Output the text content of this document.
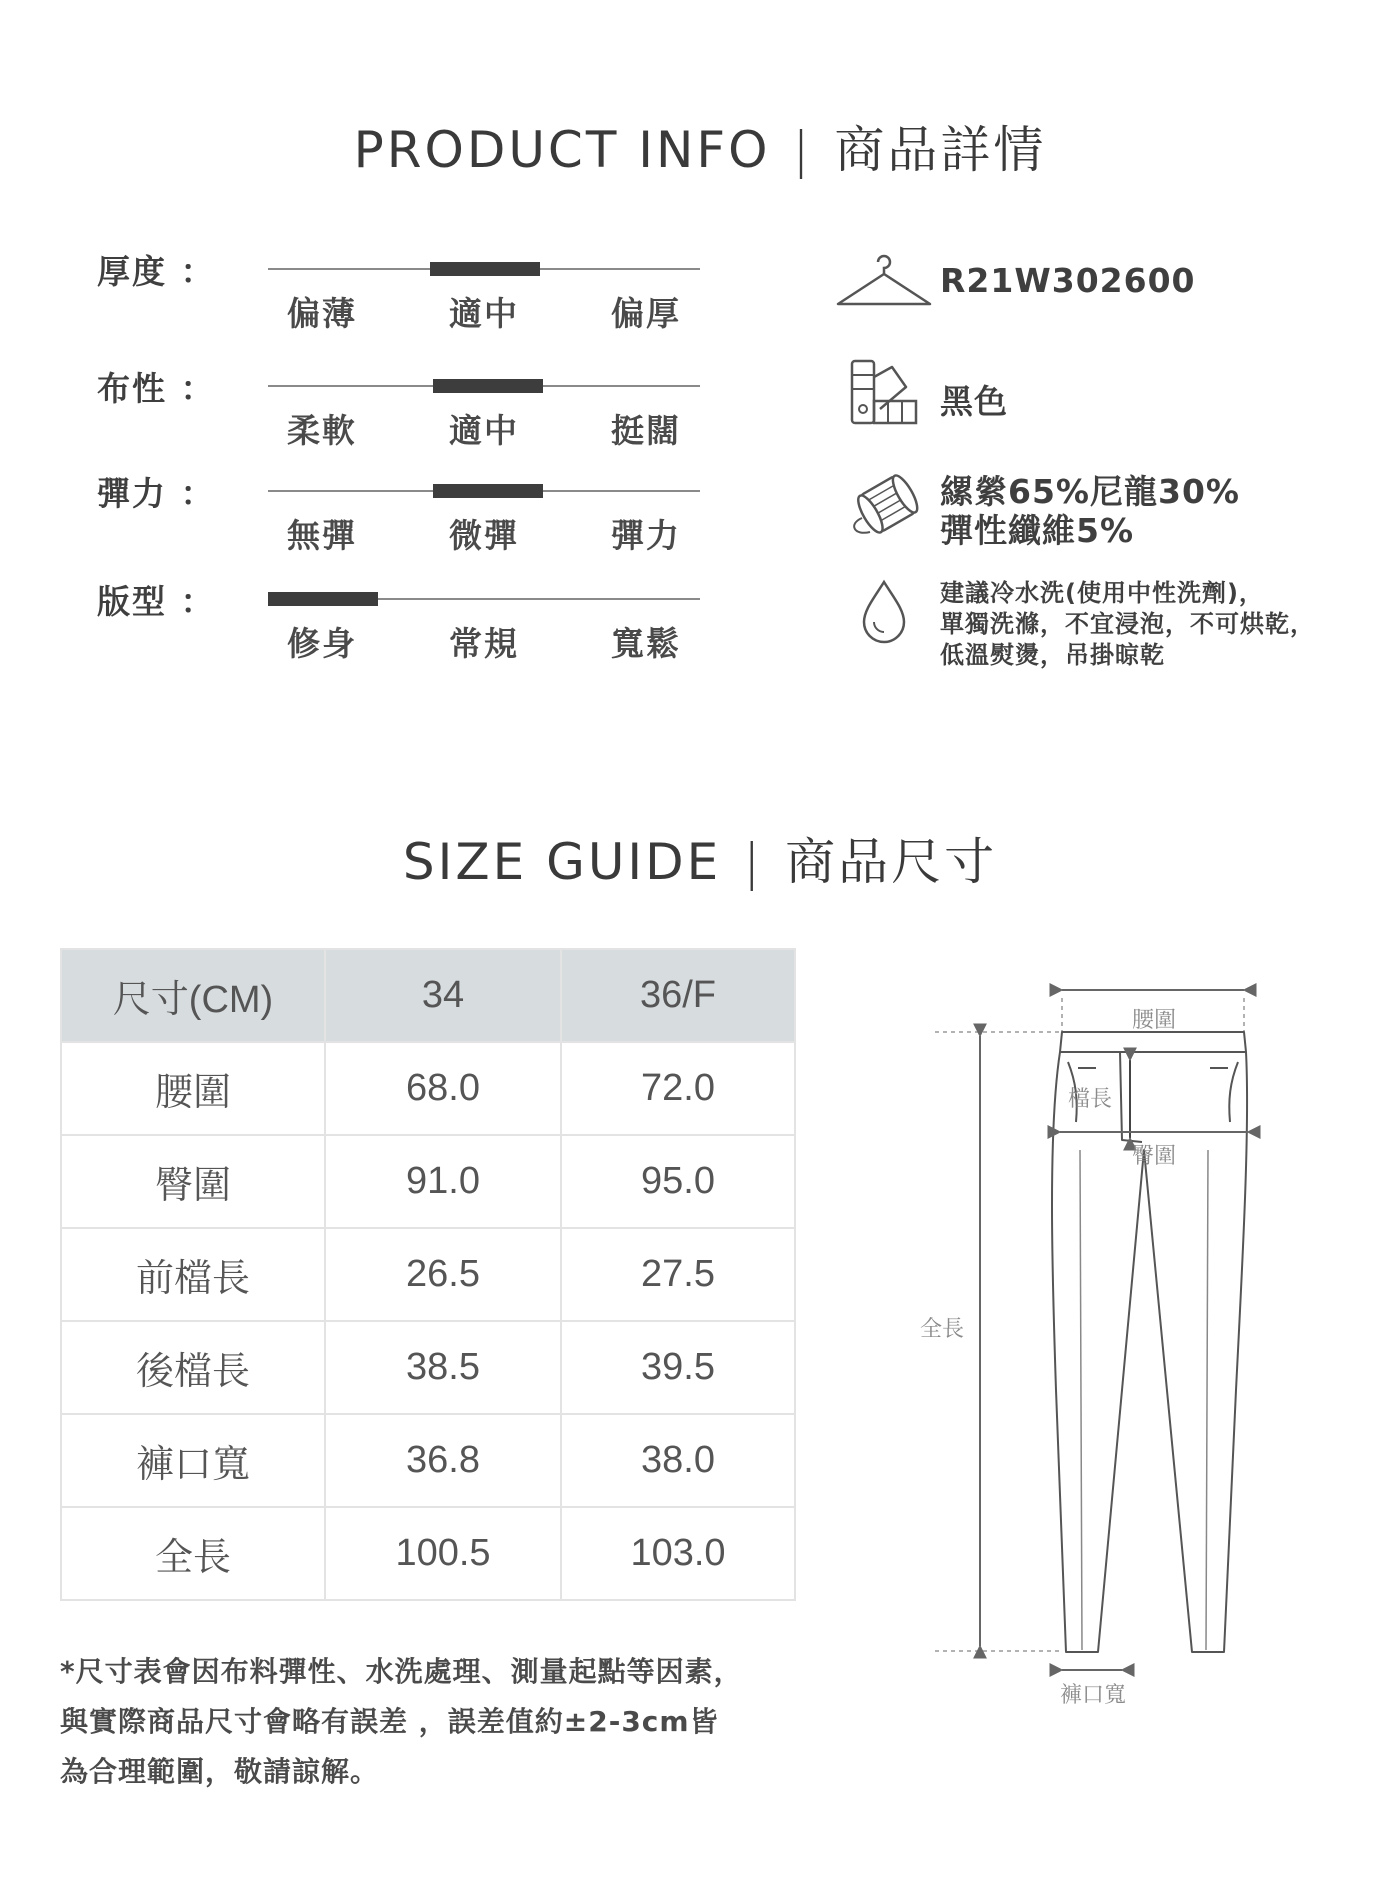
PRODUCT INFO | 商品詳情
厚度 ：
偏薄	適中	偏厚
布性 ：
柔軟	適中	挺闊
彈力 ：
無彈	微彈	彈力
版型 ：
修身	常規	寬鬆
R21W302600
黑色
縲縈65%尼龍30%
彈性纖維5%
建議冷水洗(使用中性洗劑)，
單獨洗滌，不宜浸泡，不可烘乾，
低溫熨燙，吊掛晾乾
SIZE GUIDE | 商品尺寸
尺寸(CM)	34	36/F
腰圍	68.0	72.0
臀圍	91.0	95.0
前檔長	26.5	27.5
後檔長	38.5	39.5
褲口寬	36.8	38.0
全長	100.5	103.0
*尺寸表會因布料彈性、水洗處理、測量起點等因素，
與實際商品尺寸會略有誤差 ，誤差值約±2-3cm皆
為合理範圍，敬請諒解。
腰圍
全長
檔長
臀圍
褲口寬
